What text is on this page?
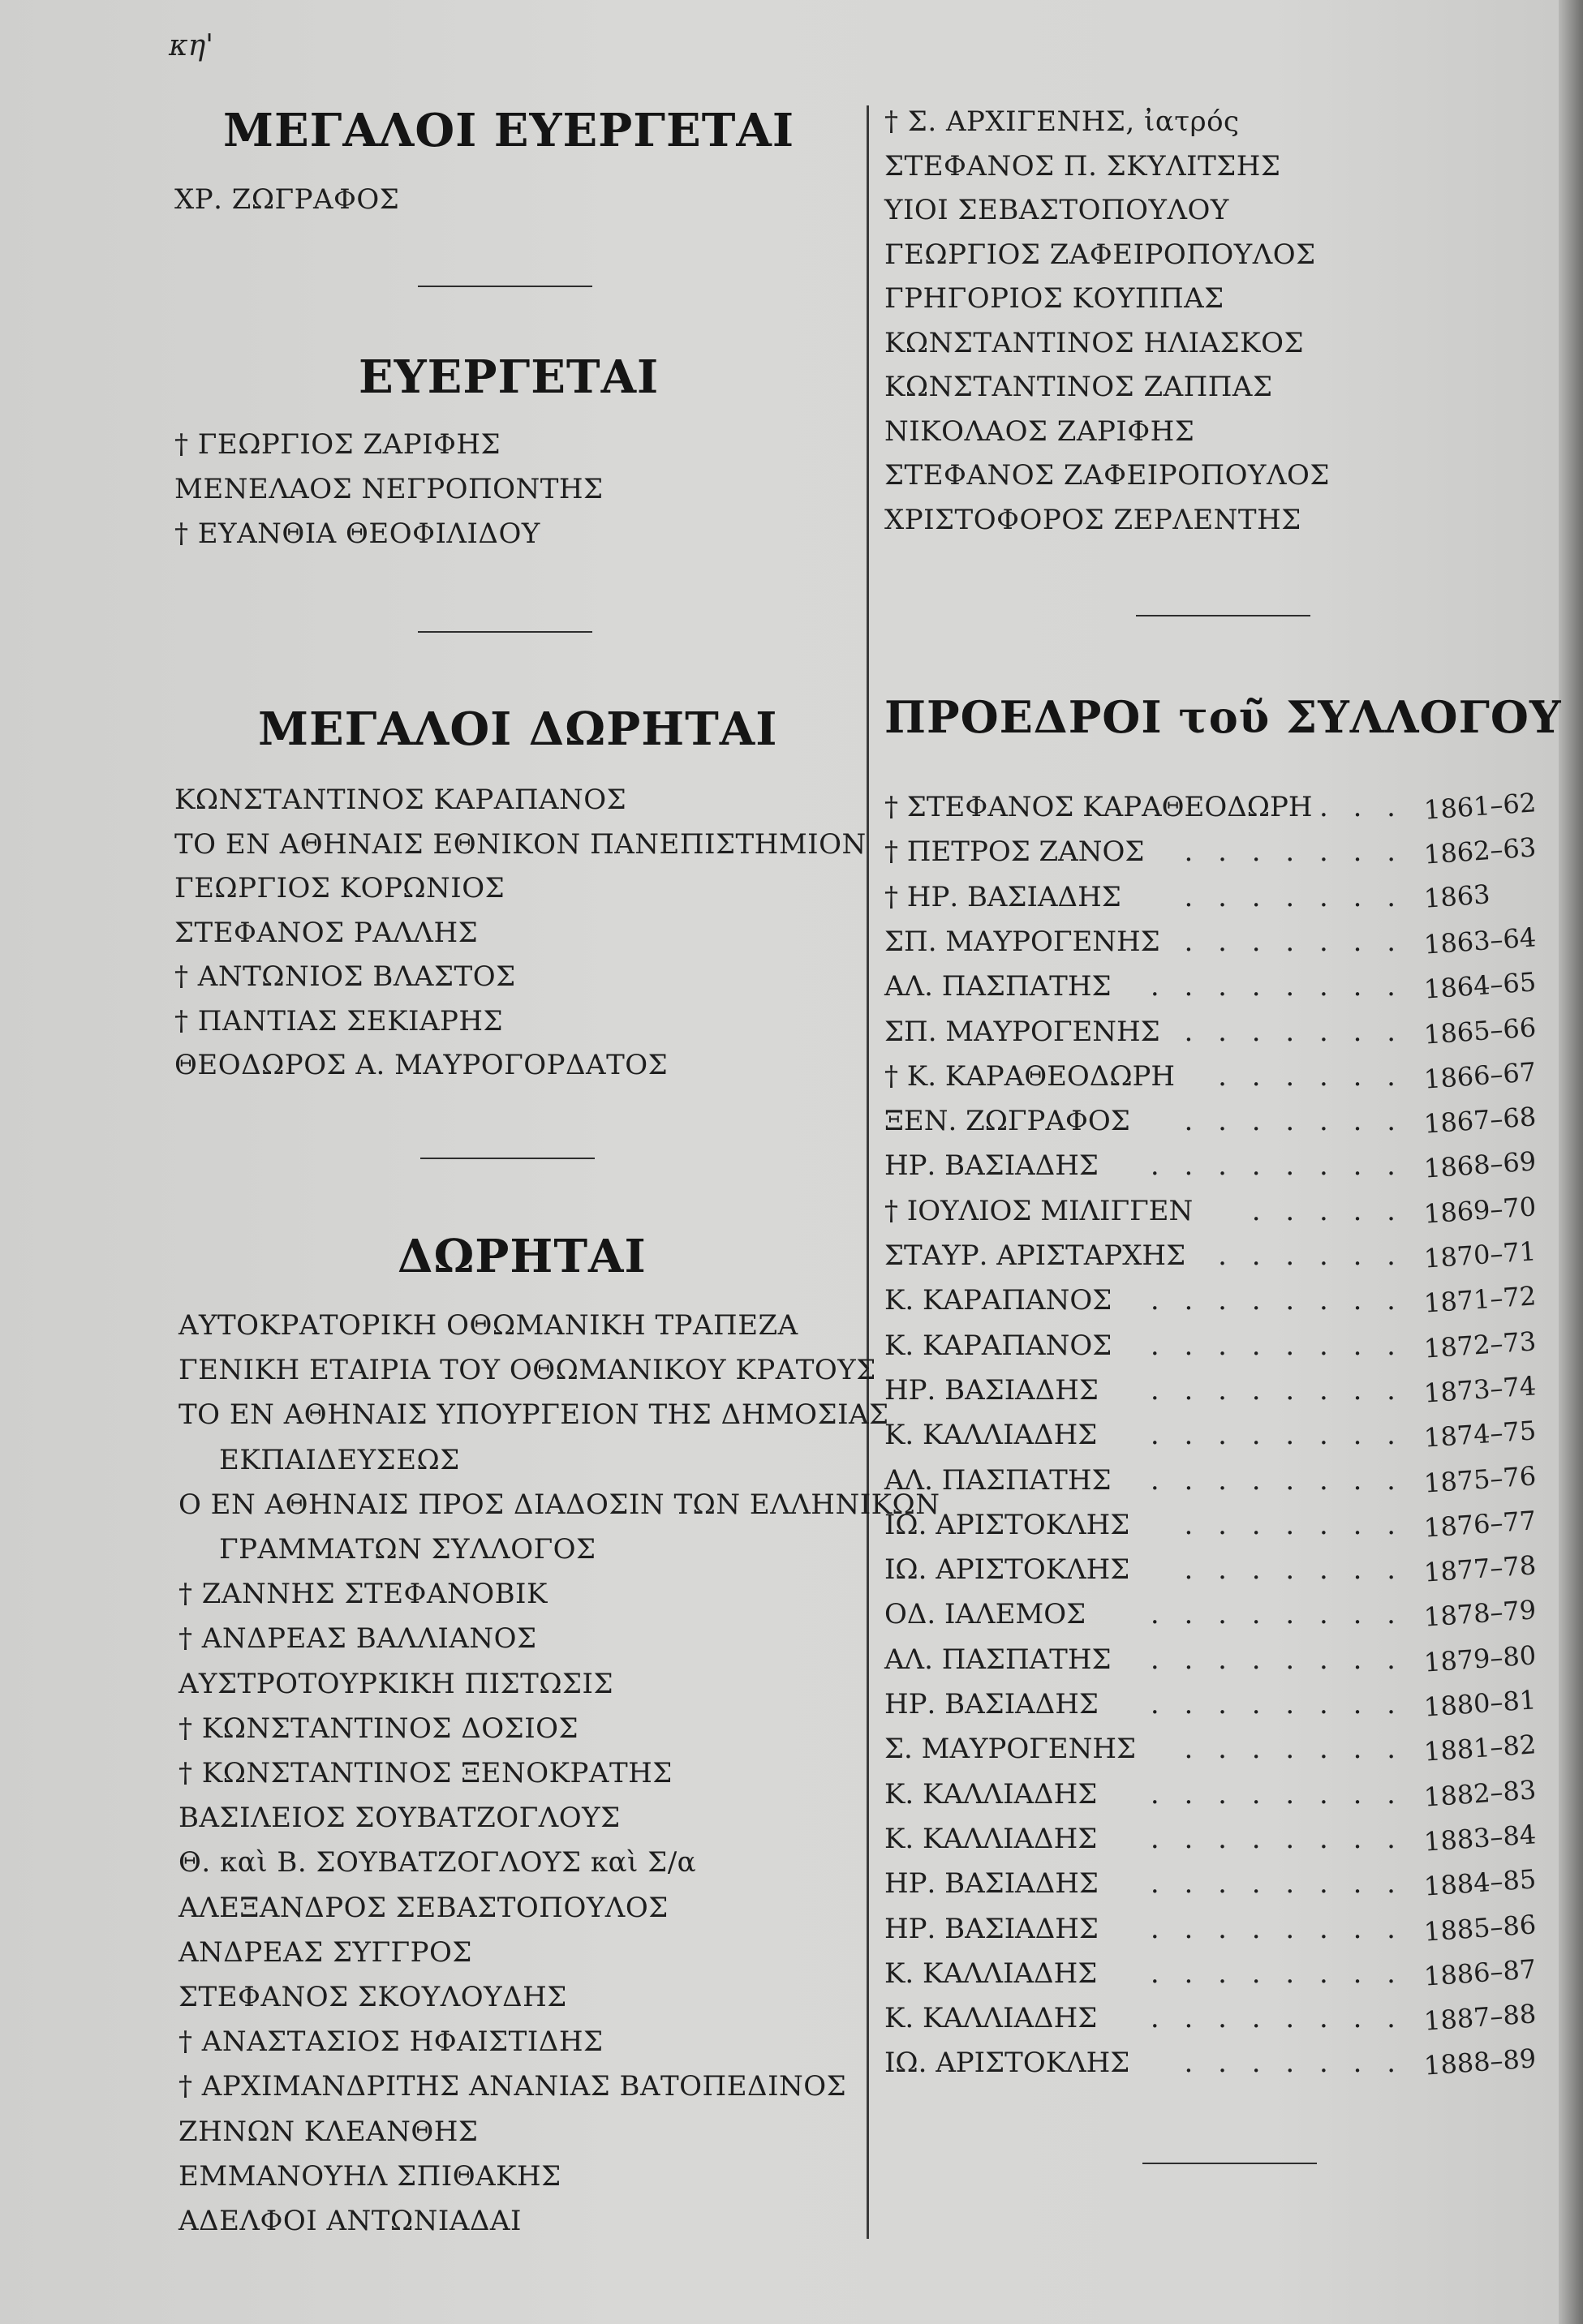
κη'
ΜΕΓΑΛΟΙ ΕΥΕΡΓΕΤΑΙ
ΧΡ. ΖΩΓΡΑΦΟΣ
ΕΥΕΡΓΕΤΑΙ
† ΓΕΩΡΓΙΟΣ ΖΑΡΙΦΗΣ
ΜΕΝΕΛΑΟΣ ΝΕΓΡΟΠΟΝΤΗΣ
† ΕΥΑΝΘΙΑ ΘΕΟΦΙΛΙΔΟΥ
ΜΕΓΑΛΟΙ ΔΩΡΗΤΑΙ
ΚΩΝΣΤΑΝΤΙΝΟΣ ΚΑΡΑΠΑΝΟΣ
ΤΟ ΕΝ ΑΘΗΝΑΙΣ ΕΘΝΙΚΟΝ ΠΑΝΕΠΙΣΤΗΜΙΟΝ
ΓΕΩΡΓΙΟΣ ΚΟΡΩΝΙΟΣ
ΣΤΕΦΑΝΟΣ ΡΑΛΛΗΣ
† ΑΝΤΩΝΙΟΣ ΒΛΑΣΤΟΣ
† ΠΑΝΤΙΑΣ ΣΕΚΙΑΡΗΣ
ΘΕΟΔΩΡΟΣ Α. ΜΑΥΡΟΓΟΡΔΑΤΟΣ
ΔΩΡΗΤΑΙ
ΑΥΤΟΚΡΑΤΟΡΙΚΗ ΟΘΩΜΑΝΙΚΗ ΤΡΑΠΕΖΑ
ΓΕΝΙΚΗ ΕΤΑΙΡΙΑ ΤΟΥ ΟΘΩΜΑΝΙΚΟΥ ΚΡΑΤΟΥΣ
ΤΟ ΕΝ ΑΘΗΝΑΙΣ ΥΠΟΥΡΓΕΙΟΝ ΤΗΣ ΔΗΜΟΣΙΑΣ
ΕΚΠΑΙΔΕΥΣΕΩΣ
Ο ΕΝ ΑΘΗΝΑΙΣ ΠΡΟΣ ΔΙΑΔΟΣΙΝ ΤΩΝ ΕΛΛΗΝΙΚΩΝ
ΓΡΑΜΜΑΤΩΝ ΣΥΛΛΟΓΟΣ
† ΖΑΝΝΗΣ ΣΤΕΦΑΝΟΒΙΚ
† ΑΝΔΡΕΑΣ ΒΑΛΛΙΑΝΟΣ
ΑΥΣΤΡΟΤΟΥΡΚΙΚΗ ΠΙΣΤΩΣΙΣ
† ΚΩΝΣΤΑΝΤΙΝΟΣ ΔΟΣΙΟΣ
† ΚΩΝΣΤΑΝΤΙΝΟΣ ΞΕΝΟΚΡΑΤΗΣ
ΒΑΣΙΛΕΙΟΣ ΣΟΥΒΑΤΖΟΓΛΟΥΣ
Θ. καὶ Β. ΣΟΥΒΑΤΖΟΓΛΟΥΣ καὶ Σ/α
ΑΛΕΞΑΝΔΡΟΣ ΣΕΒΑΣΤΟΠΟΥΛΟΣ
ΑΝΔΡΕΑΣ ΣΥΓΓΡΟΣ
ΣΤΕΦΑΝΟΣ ΣΚΟΥΛΟΥΔΗΣ
† ΑΝΑΣΤΑΣΙΟΣ ΗΦΑΙΣΤΙΔΗΣ
† ΑΡΧΙΜΑΝΔΡΙΤΗΣ ΑΝΑΝΙΑΣ ΒΑΤΟΠΕΔΙΝΟΣ
ΖΗΝΩΝ ΚΛΕΑΝΘΗΣ
ΕΜΜΑΝΟΥΗΛ ΣΠΙΘΑΚΗΣ
ΑΔΕΛΦΟΙ ΑΝΤΩΝΙΑΔΑΙ
† Σ. ΑΡΧΙΓΕΝΗΣ, ἰατρός
ΣΤΕΦΑΝΟΣ Π. ΣΚΥΛΙΤΣΗΣ
ΥΙΟΙ ΣΕΒΑΣΤΟΠΟΥΛΟΥ
ΓΕΩΡΓΙΟΣ ΖΑΦΕΙΡΟΠΟΥΛΟΣ
ΓΡΗΓΟΡΙΟΣ ΚΟΥΠΠΑΣ
ΚΩΝΣΤΑΝΤΙΝΟΣ ΗΛΙΑΣΚΟΣ
ΚΩΝΣΤΑΝΤΙΝΟΣ ΖΑΠΠΑΣ
ΝΙΚΟΛΑΟΣ ΖΑΡΙΦΗΣ
ΣΤΕΦΑΝΟΣ ΖΑΦΕΙΡΟΠΟΥΛΟΣ
ΧΡΙΣΤΟΦΟΡΟΣ ΖΕΡΛΕΝΤΗΣ
ΠΡΟΕΔΡΟΙ τοῦ ΣΥΛΛΟΓΟΥ
. . .
† ΣΤΕΦΑΝΟΣ ΚΑΡΑΘΕΟΔΩΡΗ	1861–62
. . . . . . .
† ΠΕΤΡΟΣ ΖΑΝΟΣ	1862–63
. . . . . . .
† ΗΡ. ΒΑΣΙΑΔΗΣ	1863
. . . . . . .
ΣΠ. ΜΑΥΡΟΓΕΝΗΣ	1863–64
. . . . . . . .
ΑΛ. ΠΑΣΠΑΤΗΣ	1864–65
. . . . . . .
ΣΠ. ΜΑΥΡΟΓΕΝΗΣ	1865–66
. . . . . .
† Κ. ΚΑΡΑΘΕΟΔΩΡΗ	1866–67
. . . . . . .
ΞΕΝ. ΖΩΓΡΑΦΟΣ	1867–68
. . . . . . . .
ΗΡ. ΒΑΣΙΑΔΗΣ	1868–69
. . . . .
† ΙΟΥΛΙΟΣ ΜΙΛΙΓΓΕΝ	1869–70
. . . . . .
ΣΤΑΥΡ. ΑΡΙΣΤΑΡΧΗΣ	1870–71
. . . . . . . .
Κ. ΚΑΡΑΠΑΝΟΣ	1871–72
. . . . . . . .
Κ. ΚΑΡΑΠΑΝΟΣ	1872–73
. . . . . . . .
ΗΡ. ΒΑΣΙΑΔΗΣ	1873–74
. . . . . . . .
Κ. ΚΑΛΛΙΑΔΗΣ	1874–75
. . . . . . . .
ΑΛ. ΠΑΣΠΑΤΗΣ	1875–76
. . . . . . .
ΙΩ. ΑΡΙΣΤΟΚΛΗΣ	1876–77
. . . . . . .
ΙΩ. ΑΡΙΣΤΟΚΛΗΣ	1877–78
. . . . . . . .
ΟΔ. ΙΑΛΕΜΟΣ	1878–79
. . . . . . . .
ΑΛ. ΠΑΣΠΑΤΗΣ	1879–80
. . . . . . . .
ΗΡ. ΒΑΣΙΑΔΗΣ	1880–81
. . . . . . .
Σ. ΜΑΥΡΟΓΕΝΗΣ	1881–82
. . . . . . . .
Κ. ΚΑΛΛΙΑΔΗΣ	1882–83
. . . . . . . .
Κ. ΚΑΛΛΙΑΔΗΣ	1883–84
. . . . . . . .
ΗΡ. ΒΑΣΙΑΔΗΣ	1884–85
. . . . . . . .
ΗΡ. ΒΑΣΙΑΔΗΣ	1885–86
. . . . . . . .
Κ. ΚΑΛΛΙΑΔΗΣ	1886–87
. . . . . . . .
Κ. ΚΑΛΛΙΑΔΗΣ	1887–88
. . . . . . .
ΙΩ. ΑΡΙΣΤΟΚΛΗΣ	1888–89
